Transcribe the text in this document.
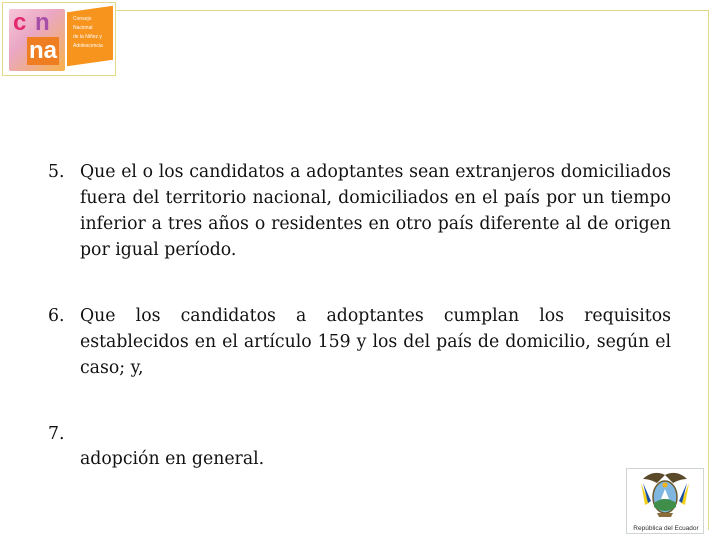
c n
na
Consejo
Nacional
de la Niñez y
Adolescencia
5. Que el o los candidatos a adoptantes sean extranjeros domiciliados fuera del territorio nacional, domiciliados en el país por un tiempo inferior a tres años o residentes en otro país diferente al de origen por igual período.
6. Que los candidatos a adoptantes cumplan los requisitos establecidos en el artículo 159 y los del país de domicilio, según el caso; y,
7.
adopción en general.
República del Ecuador
